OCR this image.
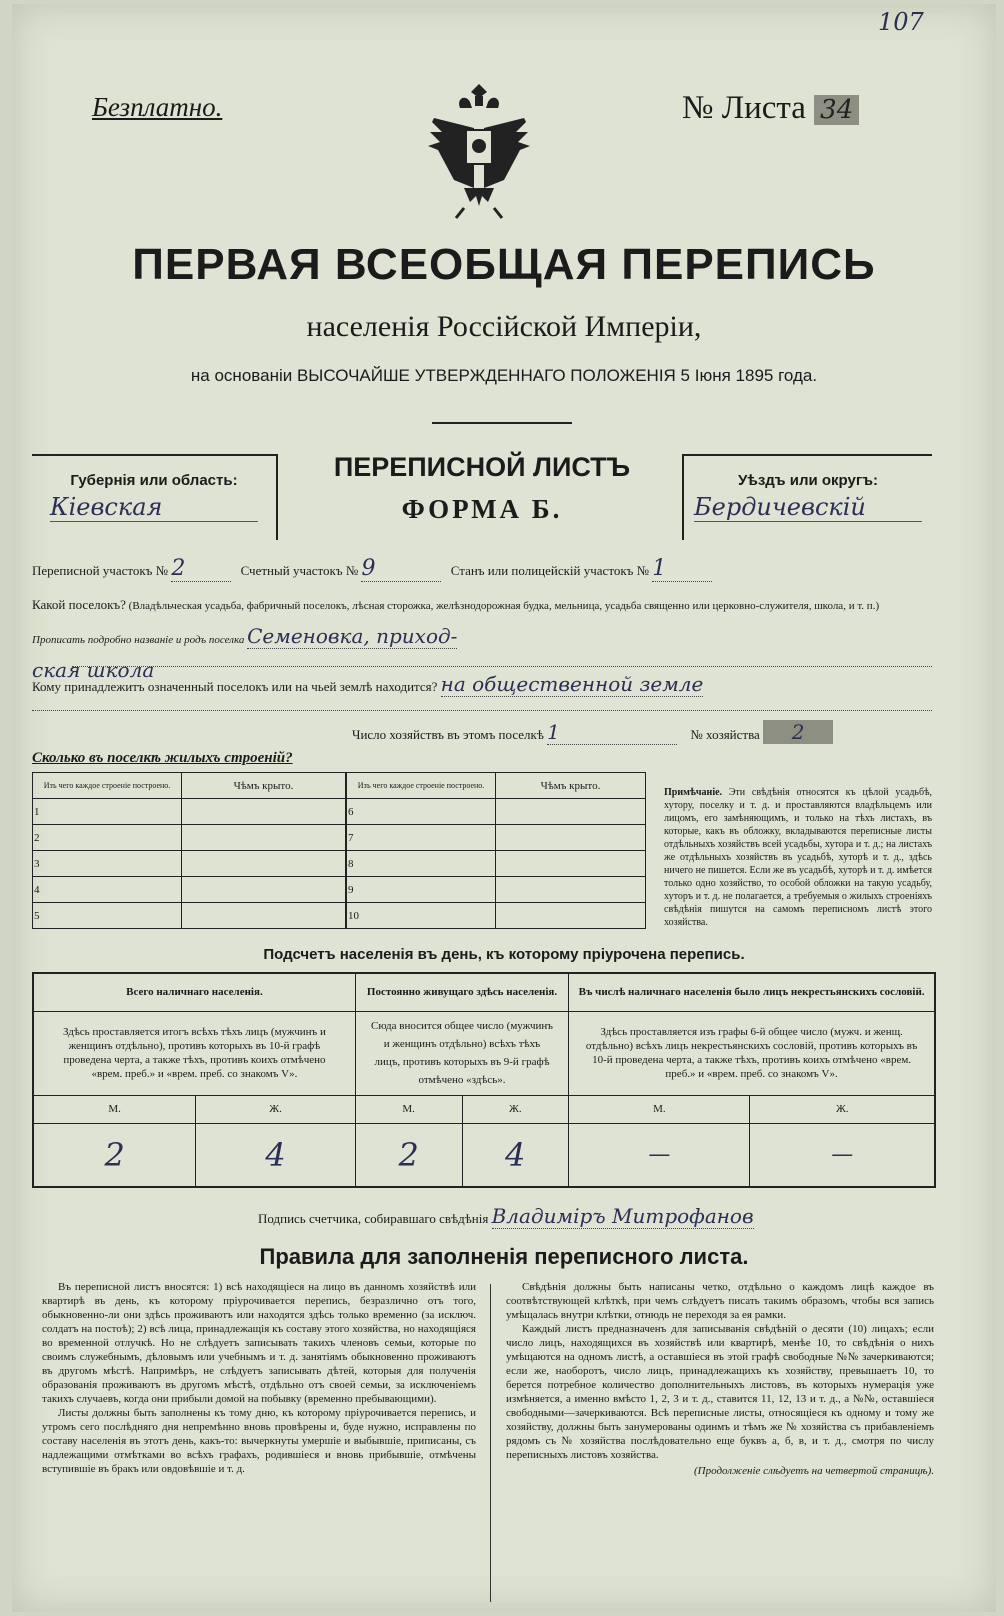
107
Безплатно.	№ Листа 34
ПЕРВАЯ ВСЕОБЩАЯ ПЕРЕПИСЬ
населенія Россійской Имперіи,
на основаніи ВЫСОЧАЙШЕ УТВЕРЖДЕННАГО ПОЛОЖЕНІЯ 5 Іюня 1895 года.
Губернія или область:
Кіевская
ПЕРЕПИСНОЙ ЛИСТЪ
ФОРМА Б.
Уѣздъ или округъ:
Бердичевскій
Переписной участокъ № 2	Счетный участокъ № 9	Станъ или полицейскій участокъ № 1
Какой поселокъ? (Владѣльческая усадьба, фабричный поселокъ, лѣсная сторожка, желѣзнодорожная будка, мельница, усадьба священно или церковно-служителя, школа, и т. п.) Прописать подробно названіе и родъ поселка Семеновка, приход-
ская школа
Кому принадлежитъ означенный поселокъ или на чьей землѣ находится? на общественной земле
Число хозяйствъ въ этомъ поселкѣ 1	№ хозяйства 2
Сколько въ поселкѣ жилыхъ строеній?
Изъ чего каждое строеніе построено.	Чѣмъ крыто.
1	
2	
3	
4	
5	
Изъ чего каждое строеніе построено.	Чѣмъ крыто.
6	
7	
8	
9	
10	
Примѣчаніе. Эти свѣдѣнія относятся къ цѣлой усадьбѣ, хутору, поселку и т. д. и проставляются владѣльцемъ или лицомъ, его замѣняющимъ, и только на тѣхъ листахъ, въ которые, какъ въ обложку, вкладываются переписные листы отдѣльныхъ хозяйствъ всей усадьбы, хутора и т. д.; на листахъ же отдѣльныхъ хозяйствъ въ усадьбѣ, хуторѣ и т. д., здѣсь ничего не пишется. Если же въ усадьбѣ, хуторѣ и т. д. имѣется только одно хозяйство, то особой обложки на такую усадьбу, хуторъ и т. д. не полагается, а требуемыя о жилыхъ строеніяхъ свѣдѣнія пишутся на самомъ переписномъ листѣ этого хозяйства.
Подсчетъ населенія въ день, къ которому пріурочена перепись.
Всего наличнаго населенія.		Постоянно живущаго здѣсь населенія.		Въ числѣ наличнаго населенія было лицъ некрестьянскихъ сословій.	
Здѣсь проставляется итогъ всѣхъ тѣхъ лицъ (мужчинъ и женщинъ отдѣльно), противъ которыхъ въ 10-й графѣ проведена черта, а также тѣхъ, противъ коихъ отмѣчено «врем. преб.» и «врем. преб. со знакомъ V».		Сюда вносится общее число (мужчинъ и женщинъ отдѣльно) всѣхъ тѣхъ лицъ, противъ которыхъ въ 9-й графѣ отмѣчено «здѣсь».		Здѣсь проставляется изъ графы 6-й общее число (мужч. и женщ. отдѣльно) всѣхъ лицъ некрестьянскихъ сословій, противъ которыхъ въ 10-й проведена черта, а также тѣхъ, противъ коихъ отмѣчено «врем. преб.» и «врем. преб. со знакомъ V».	
М.	Ж.	М.	Ж.	М.	Ж.
2	4	2	4	—	—
Подпись счетчика, собиравшаго свѣдѣнія Владиміръ Митрофанов
Правила для заполненія переписного листа.

Въ переписной листъ вносятся: 1) всѣ находящіеся на лицо въ данномъ хозяйствѣ или квартирѣ въ день, къ которому пріурочивается перепись, безразлично отъ того, обыкновенно-ли они здѣсь проживаютъ или находятся здѣсь только временно (за исключ. солдатъ на постоѣ); 2) всѣ лица, принадлежащія къ составу этого хозяйства, но находящіяся во временной отлучкѣ. Но не слѣдуетъ записывать такихъ членовъ семьи, которые по своимъ служебнымъ, дѣловымъ или учебнымъ и т. д. занятіямъ обыкновенно проживаютъ въ другомъ мѣстѣ. Напримѣръ, не слѣдуетъ записывать дѣтей, которыя для полученія образованія проживаютъ въ другомъ мѣстѣ, отдѣльно отъ своей семьи, за исключеніемъ такихъ случаевъ, когда они прибыли домой на побывку (временно пребывающими).

Листы должны быть заполнены къ тому дню, къ которому пріурочивается перепись, и утромъ сего послѣдняго дня непремѣнно вновь провѣрены и, буде нужно, исправлены по составу населенія въ этотъ день, какъ-то: вычеркнуты умершіе и выбывшіе, приписаны, съ надлежащими отмѣтками во всѣхъ графахъ, родившіеся и вновь прибывшіе, отмѣчены вступившіе въ бракъ или овдовѣвшіе и т. д.

Свѣдѣнія должны быть написаны четко, отдѣльно о каждомъ лицѣ каждое въ соотвѣтствующей клѣткѣ, при чемъ слѣдуетъ писать такимъ образомъ, чтобы вся запись умѣщалась внутри клѣтки, отнюдь не переходя за ея рамки.

Каждый листъ предназначенъ для записыванія свѣдѣній о десяти (10) лицахъ; если число лицъ, находящихся въ хозяйствѣ или квартирѣ, менѣе 10, то свѣдѣнія о нихъ умѣщаются на одномъ листѣ, а оставшіеся въ этой графѣ свободные №№ зачеркиваются; если же, наоборотъ, число лицъ, принадлежащихъ къ хозяйству, превышаетъ 10, то берется потребное количество дополнительныхъ листовъ, въ которыхъ нумерація уже измѣняется, а именно вмѣсто 1, 2, 3 и т. д., ставится 11, 12, 13 и т. д., а №№, оставшіеся свободными—зачеркиваются. Всѣ переписные листы, относящіеся къ одному и тому же хозяйству, должны быть занумерованы одинмъ и тѣмъ же № хозяйства съ прибавленіемъ рядомъ съ № хозяйства послѣдовательно еще буквъ а, б, в, и т. д., смотря по числу переписныхъ листовъ хозяйства.

(Продолженіе слѣдуетъ на четвертой страницѣ).
